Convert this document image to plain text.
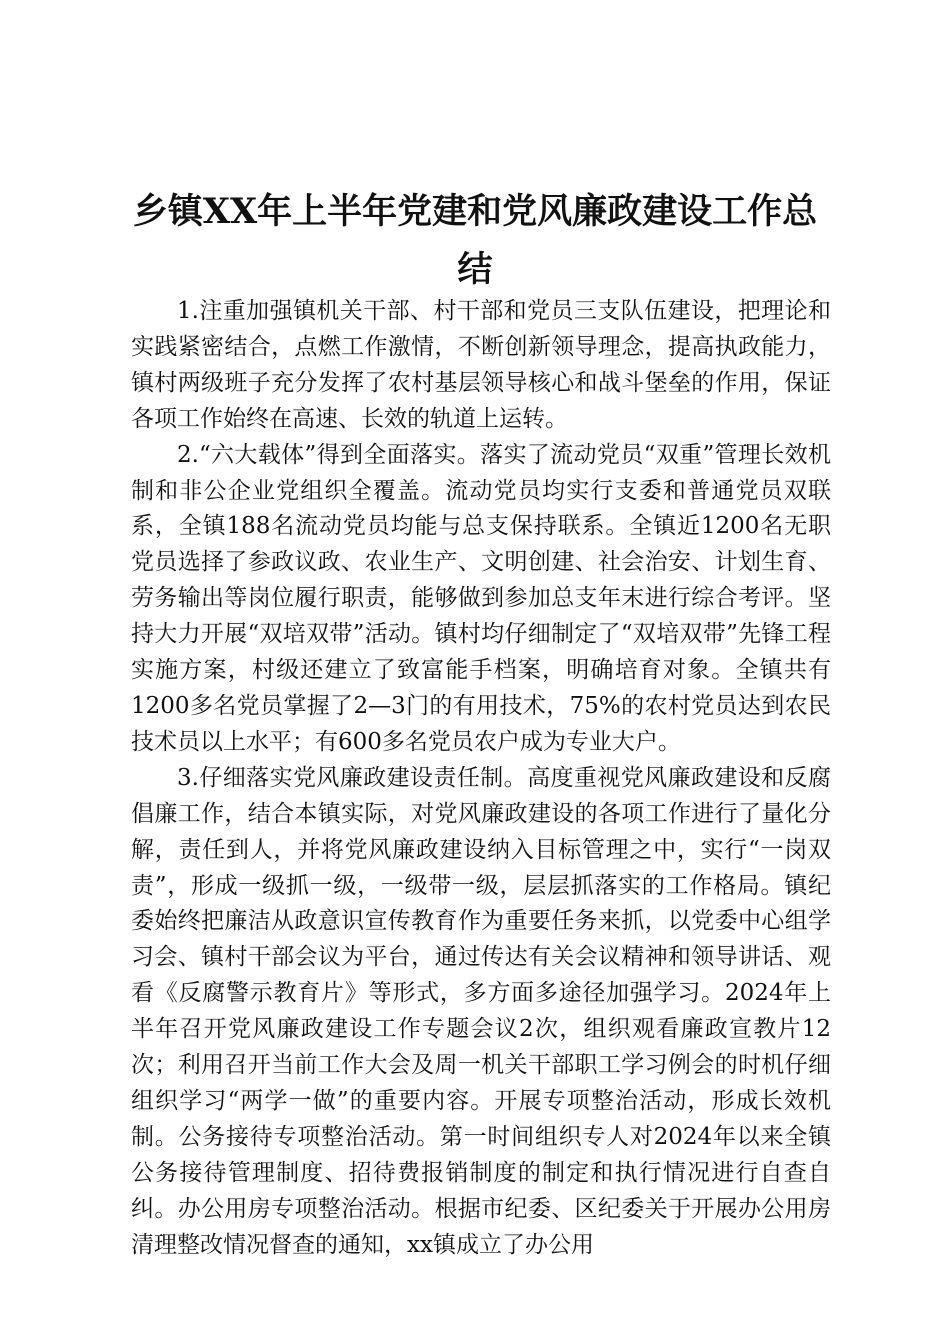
乡镇XX年上半年党建和党风廉政建设工作总
结

1.注重加强镇机关干部、村干部和党员三支队伍建设，把理论和实践紧密结合，点燃工作激情，不断创新领导理念，提高执政能力，镇村两级班子充分发挥了农村基层领导核心和战斗堡垒的作用，保证各项工作始终在高速、长效的轨道上运转。

2.“六大载体”得到全面落实。落实了流动党员“双重”管理长效机制和非公企业党组织全覆盖。流动党员均实行支委和普通党员双联系，全镇188名流动党员均能与总支保持联系。全镇近1200名无职党员选择了参政议政、农业生产、文明创建、社会治安、计划生育、劳务输出等岗位履行职责，能够做到参加总支年末进行综合考评。坚持大力开展“双培双带”活动。镇村均仔细制定了“双培双带”先锋工程实施方案，村级还建立了致富能手档案，明确培育对象。全镇共有1200多名党员掌握了2—3门的有用技术，75%的农村党员达到农民技术员以上水平；有600多名党员农户成为专业大户。

3.仔细落实党风廉政建设责任制。高度重视党风廉政建设和反腐倡廉工作，结合本镇实际，对党风廉政建设的各项工作进行了量化分解，责任到人，并将党风廉政建设纳入目标管理之中，实行“一岗双责”，形成一级抓一级，一级带一级，层层抓落实的工作格局。镇纪委始终把廉洁从政意识宣传教育作为重要任务来抓，以党委中心组学习会、镇村干部会议为平台，通过传达有关会议精神和领导讲话、观看《反腐警示教育片》等形式，多方面多途径加强学习。2024年上半年召开党风廉政建设工作专题会议2次，组织观看廉政宣教片12次；利用召开当前工作大会及周一机关干部职工学习例会的时机仔细组织学习“两学一做”的重要内容。开展专项整治活动，形成长效机制。公务接待专项整治活动。第一时间组织专人对2024年以来全镇公务接待管理制度、招待费报销制度的制定和执行情况进行自查自纠。办公用房专项整治活动。根据市纪委、区纪委关于开展办公用房清理整改情况督查的通知，xx镇成立了办公用
